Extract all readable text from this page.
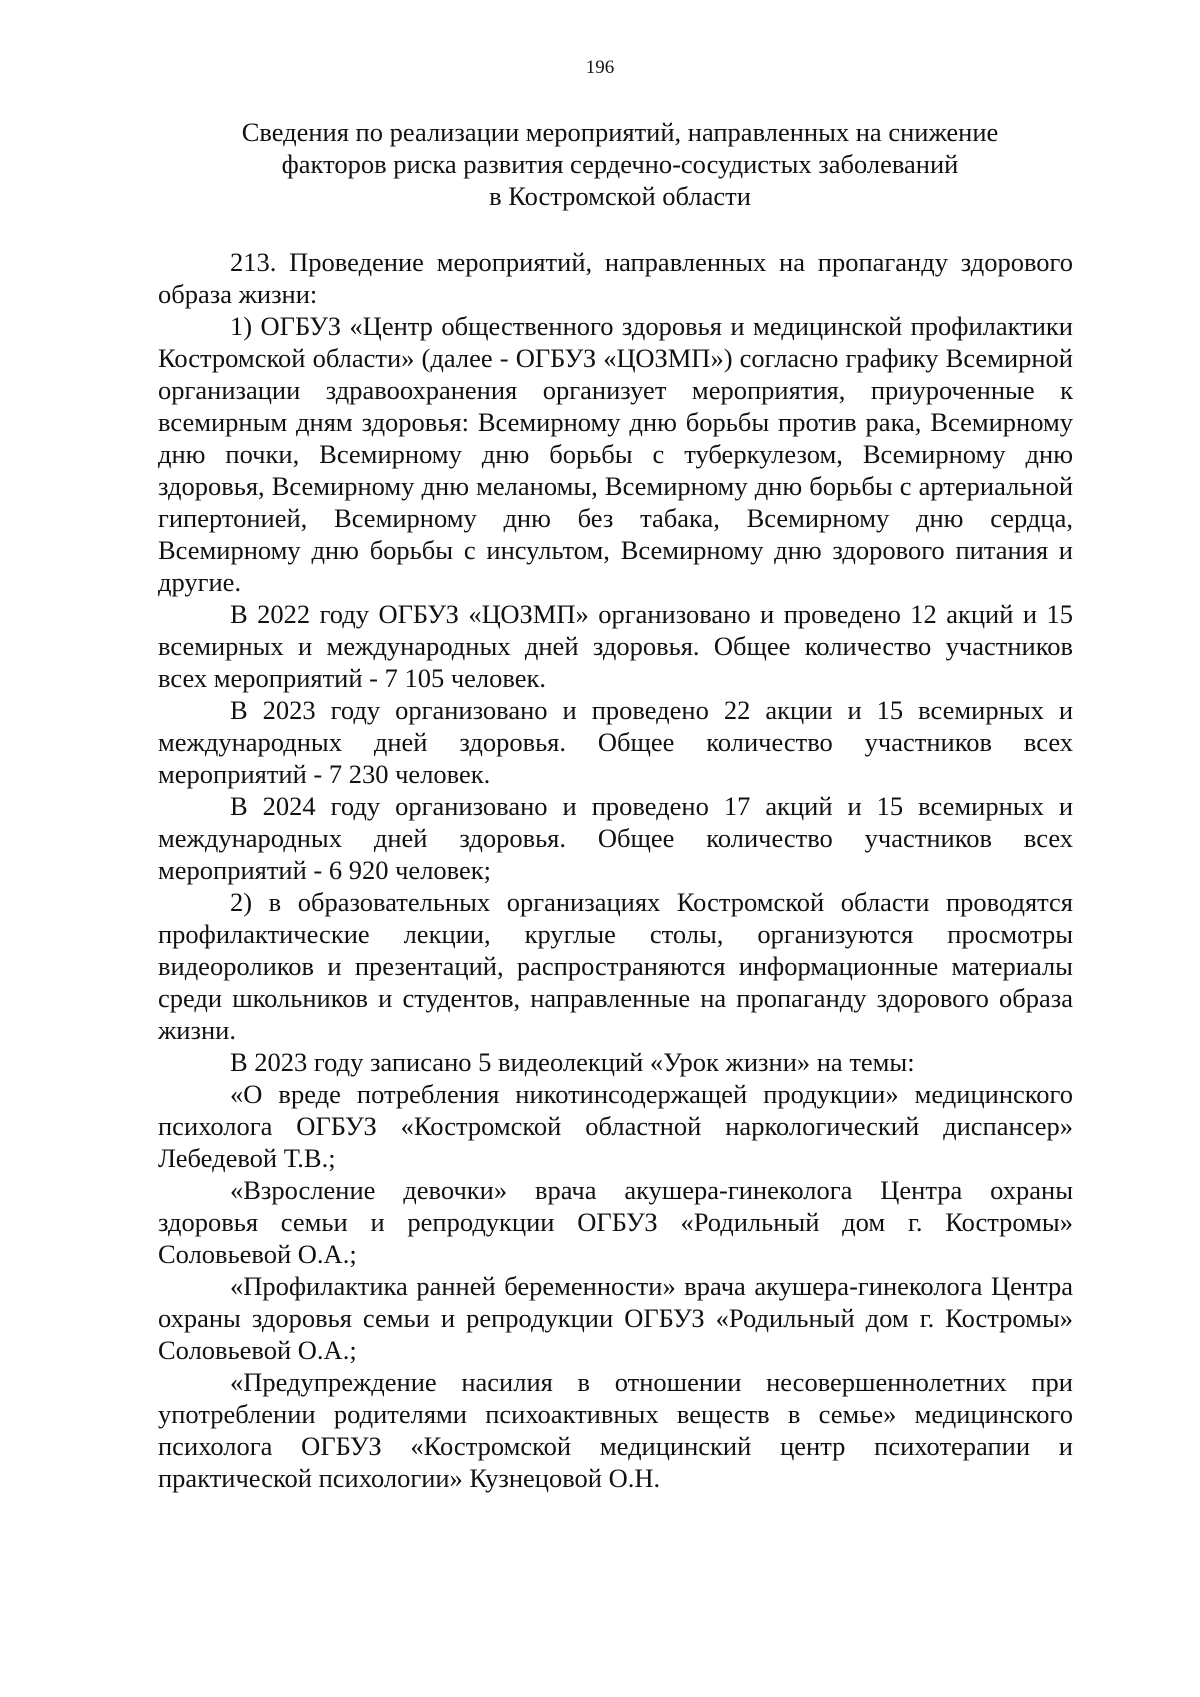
196
Сведения по реализации мероприятий, направленных на снижение
факторов риска развития сердечно-сосудистых заболеваний
в Костромской области

213. Проведение мероприятий, направленных на пропаганду здорового образа жизни:

1) ОГБУЗ «Центр общественного здоровья и медицинской профилактики Костромской области» (далее - ОГБУЗ «ЦОЗМП») согласно графику Всемирной организации здравоохранения организует мероприятия, приуроченные к всемирным дням здоровья: Всемирному дню борьбы против рака, Всемирному дню почки, Всемирному дню борьбы с туберкулезом, Всемирному дню здоровья, Всемирному дню меланомы, Всемирному дню борьбы с артериальной гипертонией, Всемирному дню без табака, Всемирному дню сердца, Всемирному дню борьбы с инсультом, Всемирному дню здорового питания и другие.

В 2022 году ОГБУЗ «ЦОЗМП» организовано и проведено 12 акций и 15 всемирных и международных дней здоровья. Общее количество участников всех мероприятий - 7 105 человек.

В 2023 году организовано и проведено 22 акции и 15 всемирных и международных дней здоровья. Общее количество участников всех мероприятий - 7 230 человек.

В 2024 году организовано и проведено 17 акций и 15 всемирных и международных дней здоровья. Общее количество участников всех мероприятий - 6 920 человек;

2) в образовательных организациях Костромской области проводятся профилактические лекции, круглые столы, организуются просмотры видеороликов и презентаций, распространяются информационные материалы среди школьников и студентов, направленные на пропаганду здорового образа жизни.

В 2023 году записано 5 видеолекций «Урок жизни» на темы:

«О вреде потребления никотинсодержащей продукции» медицинского психолога ОГБУЗ «Костромской областной наркологический диспансер» Лебедевой Т.В.;

«Взросление девочки» врача акушера-гинеколога Центра охраны здоровья семьи и репродукции ОГБУЗ «Родильный дом г. Костромы» Соловьевой О.А.;

«Профилактика ранней беременности» врача акушера-гинеколога Центра охраны здоровья семьи и репродукции ОГБУЗ «Родильный дом г. Костромы» Соловьевой О.А.;

«Предупреждение насилия в отношении несовершеннолетних при употреблении родителями психоактивных веществ в семье» медицинского психолога ОГБУЗ «Костромской медицинский центр психотерапии и практической психологии» Кузнецовой О.Н.
